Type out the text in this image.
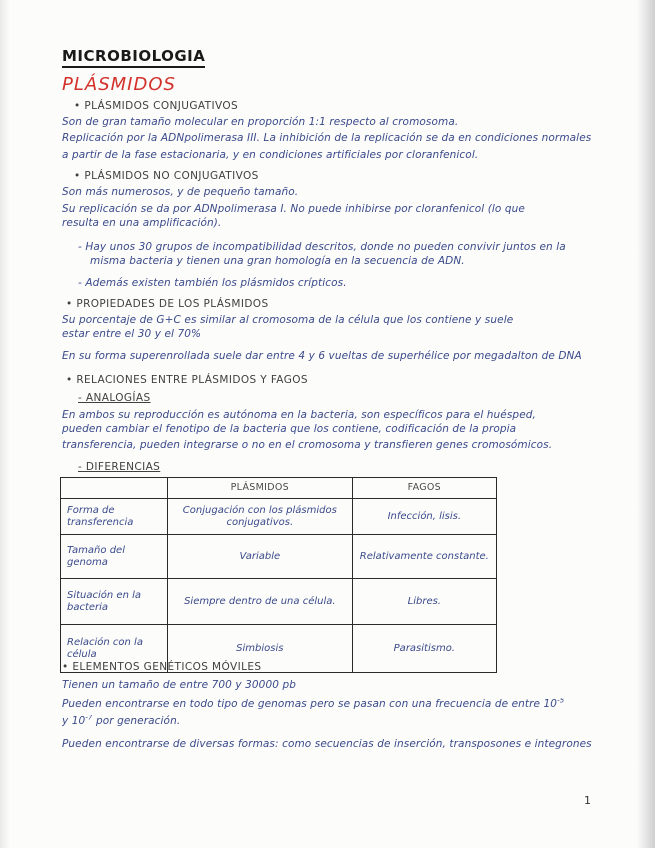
MICROBIOLOGIA
PLÁSMIDOS
• PLÁSMIDOS CONJUGATIVOS
Son de gran tamaño molecular en proporción 1:1 respecto al cromosoma.
Replicación por la ADNpolimerasa III. La inhibición de la replicación se da en condiciones normales
a partir de la fase estacionaria, y en condiciones artificiales por cloranfenicol.
• PLÁSMIDOS NO CONJUGATIVOS
Son más numerosos, y de pequeño tamaño.
Su replicación se da por ADNpolimerasa I. No puede inhibirse por cloranfenicol (lo que
resulta en una amplificación).
- Hay unos 30 grupos de incompatibilidad descritos, donde no pueden convivir juntos en la
misma bacteria y tienen una gran homología en la secuencia de ADN.
- Además existen también los plásmidos crípticos.
• PROPIEDADES DE LOS PLÁSMIDOS
Su porcentaje de G+C es similar al cromosoma de la célula que los contiene y suele
estar entre el 30 y el 70%
En su forma superenrollada suele dar entre 4 y 6 vueltas de superhélice por megadalton de DNA
• RELACIONES ENTRE PLÁSMIDOS Y FAGOS
- ANALOGÍAS
En ambos su reproducción es autónoma en la bacteria, son específicos para el huésped,
pueden cambiar el fenotipo de la bacteria que los contiene, codificación de la propia
transferencia, pueden integrarse o no en el cromosoma y transfieren genes cromosómicos.
- DIFERENCIAS
	PLÁSMIDOS	FAGOS
Forma de transferencia	Conjugación con los plásmidos conjugativos.	Infección, lisis.
Tamaño del genoma	Variable	Relativamente constante.
Situación en la bacteria	Siempre dentro de una célula.	Libres.
Relación con la célula	Simbiosis	Parasitismo.
• ELEMENTOS GENÉTICOS MÓVILES
Tienen un tamaño de entre 700 y 30000 pb
Pueden encontrarse en todo tipo de genomas pero se pasan con una frecuencia de entre $10^{-5}$
y $10^{-7}$ por generación.
Pueden encontrarse de diversas formas: como secuencias de inserción, transposones e integrones
1
